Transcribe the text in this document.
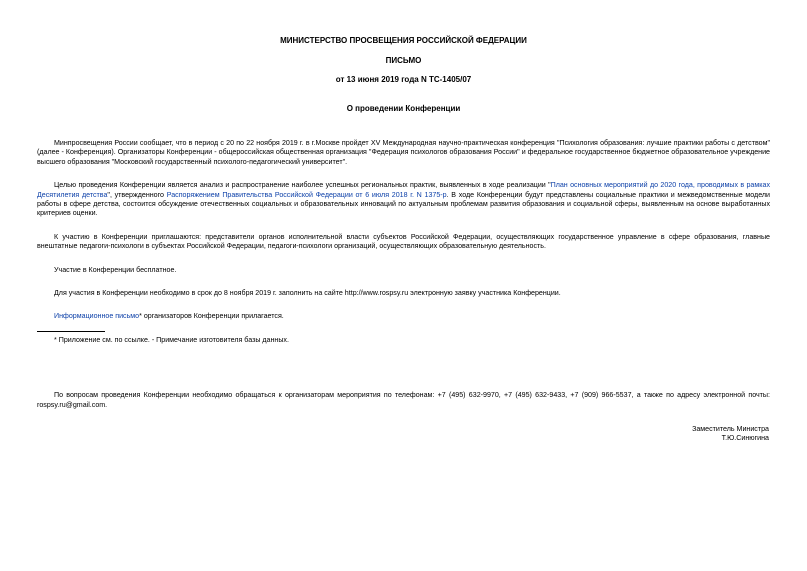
МИНИСТЕРСТВО ПРОСВЕЩЕНИЯ РОССИЙСКОЙ ФЕДЕРАЦИИ
ПИСЬМО
от 13 июня 2019 года N ТС-1405/07
О проведении Конференции

Минпросвещения России сообщает, что в период с 20 по 22 ноября 2019 г. в г.Москве пройдет XV Международная научно-практическая конференция "Психология образования: лучшие практики работы с детством" (далее - Конференция). Организаторы Конференции - общероссийская общественная организация "Федерация психологов образования России" и федеральное государственное бюджетное образовательное учреждение высшего образования "Московский государственный психолого-педагогический университет".

Целью проведения Конференции является анализ и распространение наиболее успешных региональных практик, выявленных в ходе реализации "План основных мероприятий до 2020 года, проводимых в рамках Десятилетия детства", утвержденного Распоряжением Правительства Российской Федерации от 6 июля 2018 г. N 1375-р. В ходе Конференции будут представлены социальные практики и межведомственные модели работы в сфере детства, состоится обсуждение отечественных социальных и образовательных инноваций по актуальным проблемам развития образования и социальной сферы, выявленным на основе выработанных критериев оценки.

К участию в Конференции приглашаются: представители органов исполнительной власти субъектов Российской Федерации, осуществляющих государственное управление в сфере образования, главные внештатные педагоги-психологи в субъектах Российской Федерации, педагоги-психологи организаций, осуществляющих образовательную деятельность.

Участие в Конференции бесплатное.

Для участия в Конференции необходимо в срок до 8 ноября 2019 г. заполнить на сайте http://www.rospsy.ru электронную заявку участника Конференции.

Информационное письмо* организаторов Конференции прилагается.

* Приложение см. по ссылке. - Примечание изготовителя базы данных.

По вопросам проведения Конференции необходимо обращаться к организаторам мероприятия по телефонам: +7 (495) 632-9970, +7 (495) 632-9433, +7 (909) 966-5537, а также по адресу электронной почты: rospsy.ru@gmail.com.

Заместитель Министра
Т.Ю.Синюгина
